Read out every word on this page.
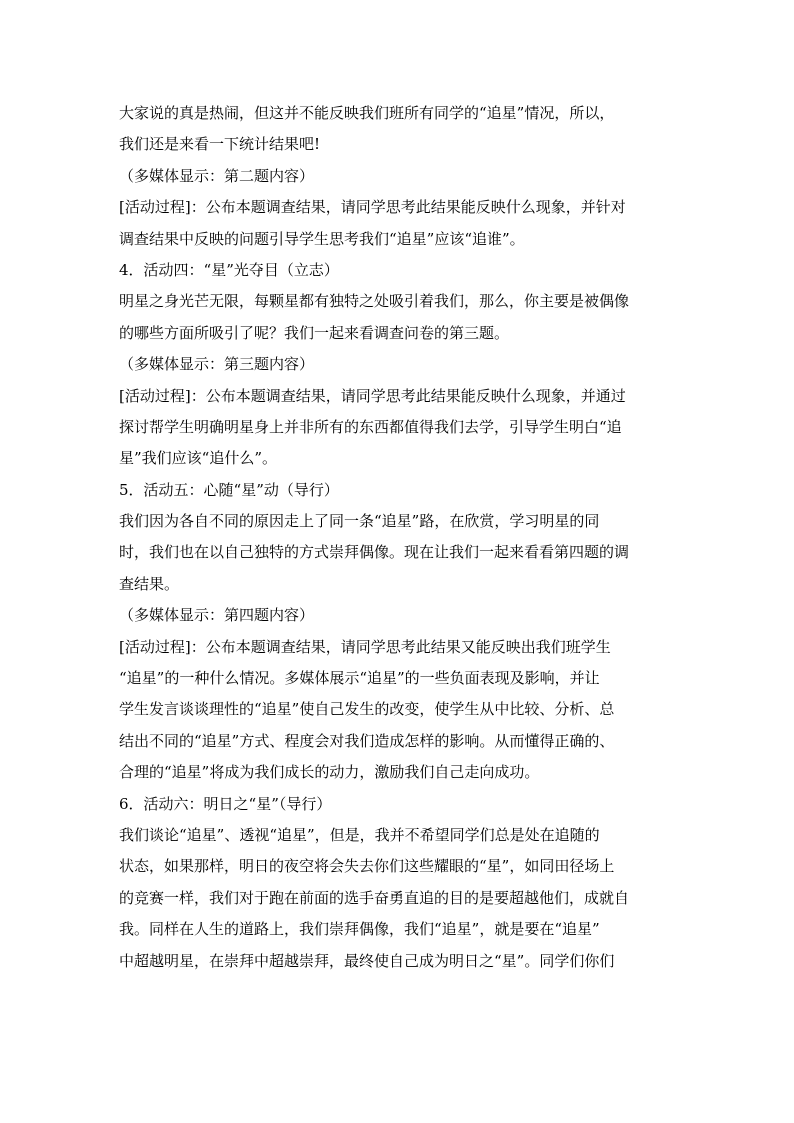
大家说的真是热闹，但这并不能反映我们班所有同学的“追星”情况，所以，
我们还是来看一下统计结果吧!
（多媒体显示：第二题内容）
[活动过程]：公布本题调查结果，请同学思考此结果能反映什么现象，并针对
调查结果中反映的问题引导学生思考我们“追星”应该“追谁”。
4．活动四：“星”光夺目（立志）
明星之身光芒无限，每颗星都有独特之处吸引着我们，那么，你主要是被偶像
的哪些方面所吸引了呢？我们一起来看调查问卷的第三题。
（多媒体显示：第三题内容）
[活动过程]：公布本题调查结果，请同学思考此结果能反映什么现象，并通过
探讨帮学生明确明星身上并非所有的东西都值得我们去学，引导学生明白“追
星”我们应该“追什么”。
5．活动五：心随“星”动（导行）
我们因为各自不同的原因走上了同一条“追星”路，在欣赏，学习明星的同
时，我们也在以自己独特的方式崇拜偶像。现在让我们一起来看看第四题的调
查结果。
（多媒体显示：第四题内容）
[活动过程]：公布本题调查结果，请同学思考此结果又能反映出我们班学生
“追星”的一种什么情况。多媒体展示“追星”的一些负面表现及影响，并让
学生发言谈谈理性的“追星”使自己发生的改变，使学生从中比较、分析、总
结出不同的“追星”方式、程度会对我们造成怎样的影响。从而懂得正确的、
合理的“追星”将成为我们成长的动力，激励我们自己走向成功。
6．活动六：明日之“星”（导行）
我们谈论“追星”、透视“追星”，但是，我并不希望同学们总是处在追随的
状态，如果那样，明日的夜空将会失去你们这些耀眼的“星”，如同田径场上
的竞赛一样，我们对于跑在前面的选手奋勇直追的目的是要超越他们，成就自
我。同样在人生的道路上，我们崇拜偶像，我们“追星”，就是要在“追星”
中超越明星，在崇拜中超越崇拜，最终使自己成为明日之“星”。同学们你们
